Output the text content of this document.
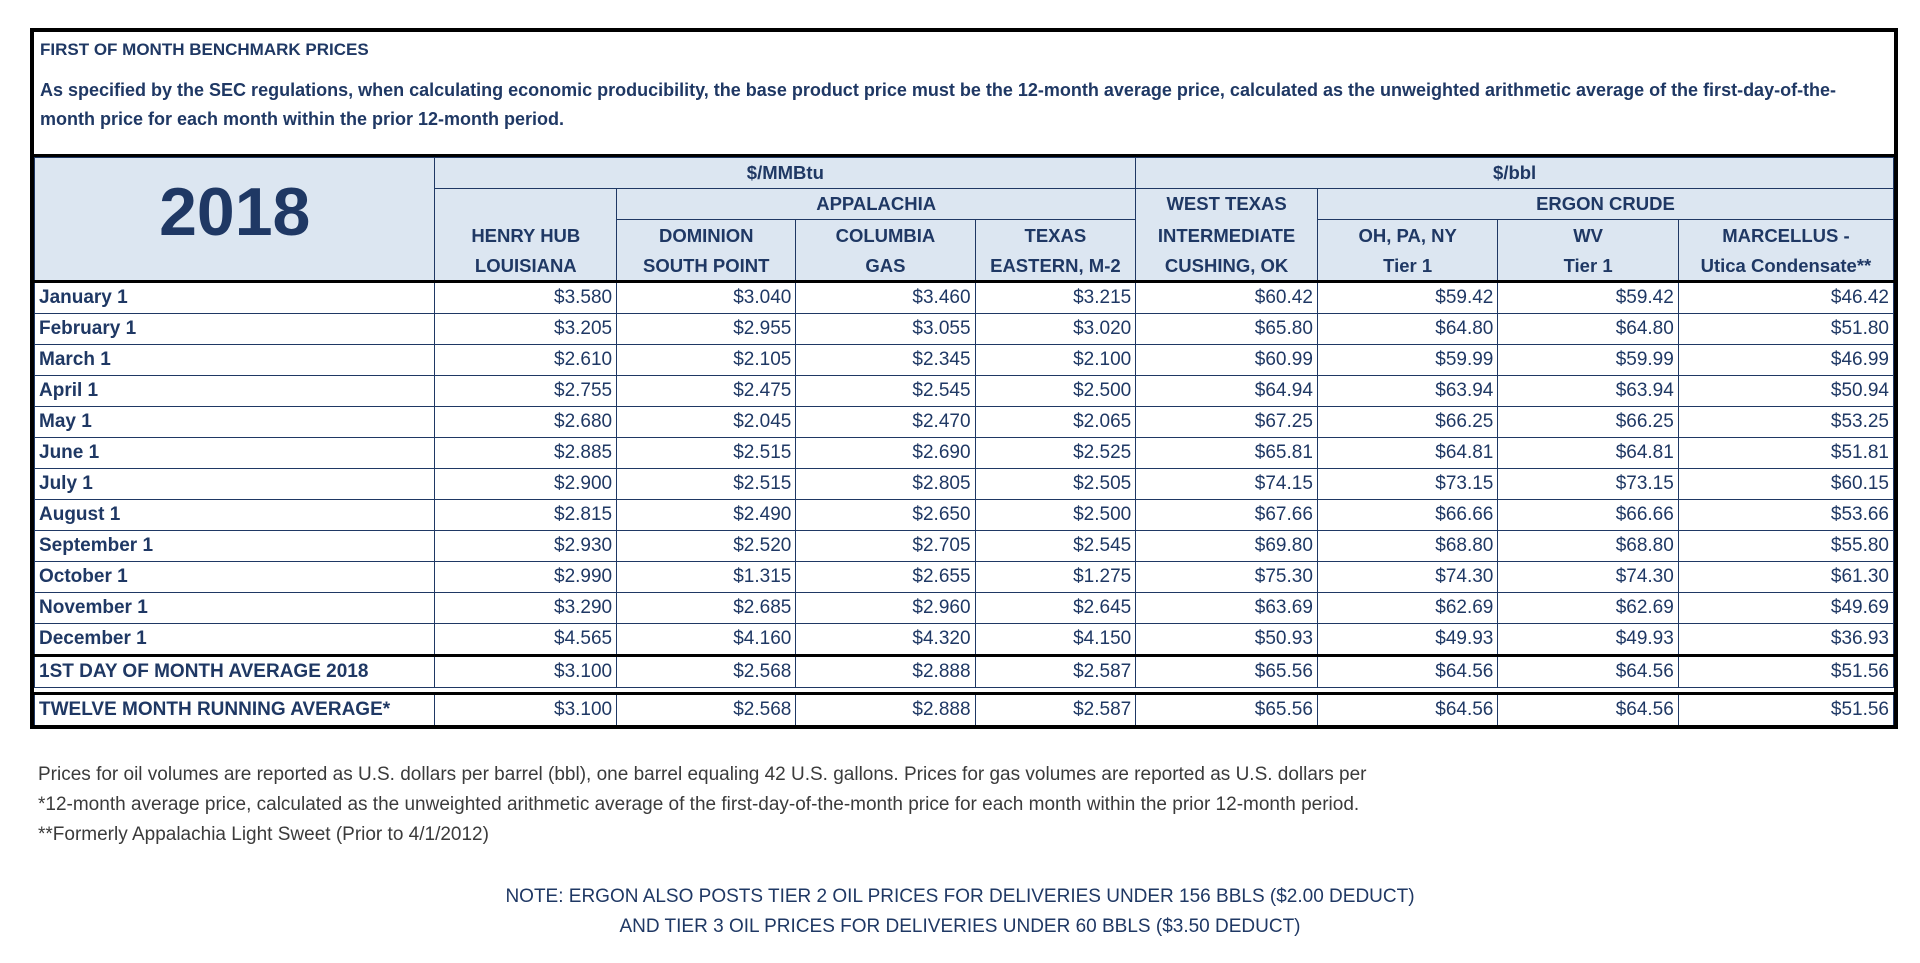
FIRST OF MONTH BENCHMARK PRICES
As specified by the SEC regulations, when calculating economic producibility, the base product price must be the 12-month average price, calculated as the unweighted arithmetic average of the first-day-of-the-month price for each month within the prior 12-month period.
2018	$/MMBtu				$/bbl			
		APPALACHIA			WEST TEXAS	ERGON CRUDE		
	HENRY HUB	DOMINION	COLUMBIA	TEXAS	INTERMEDIATE	OH, PA, NY	WV	MARCELLUS -
	LOUISIANA	SOUTH POINT	GAS	EASTERN, M-2	CUSHING, OK	Tier 1	Tier 1	Utica Condensate**
January 1	$3.580	$3.040	$3.460	$3.215	$60.42	$59.42	$59.42	$46.42
February 1	$3.205	$2.955	$3.055	$3.020	$65.80	$64.80	$64.80	$51.80
March 1	$2.610	$2.105	$2.345	$2.100	$60.99	$59.99	$59.99	$46.99
April 1	$2.755	$2.475	$2.545	$2.500	$64.94	$63.94	$63.94	$50.94
May 1	$2.680	$2.045	$2.470	$2.065	$67.25	$66.25	$66.25	$53.25
June 1	$2.885	$2.515	$2.690	$2.525	$65.81	$64.81	$64.81	$51.81
July 1	$2.900	$2.515	$2.805	$2.505	$74.15	$73.15	$73.15	$60.15
August 1	$2.815	$2.490	$2.650	$2.500	$67.66	$66.66	$66.66	$53.66
September 1	$2.930	$2.520	$2.705	$2.545	$69.80	$68.80	$68.80	$55.80
October 1	$2.990	$1.315	$2.655	$1.275	$75.30	$74.30	$74.30	$61.30
November 1	$3.290	$2.685	$2.960	$2.645	$63.69	$62.69	$62.69	$49.69
December 1	$4.565	$4.160	$4.320	$4.150	$50.93	$49.93	$49.93	$36.93
1ST DAY OF MONTH AVERAGE 2018	$3.100	$2.568	$2.888	$2.587	$65.56	$64.56	$64.56	$51.56

TWELVE MONTH RUNNING AVERAGE*	$3.100	$2.568	$2.888	$2.587	$65.56	$64.56	$64.56	$51.56
Prices for oil volumes are reported as U.S. dollars per barrel (bbl), one barrel equaling 42 U.S. gallons. Prices for gas volumes are reported as U.S. dollars per
*12-month average price, calculated as the unweighted arithmetic average of the first-day-of-the-month price for each month within the prior 12-month period.
**Formerly Appalachia Light Sweet (Prior to 4/1/2012)
NOTE: ERGON ALSO POSTS TIER 2 OIL PRICES FOR DELIVERIES UNDER 156 BBLS ($2.00 DEDUCT)
AND TIER 3 OIL PRICES FOR DELIVERIES UNDER 60 BBLS ($3.50 DEDUCT)
